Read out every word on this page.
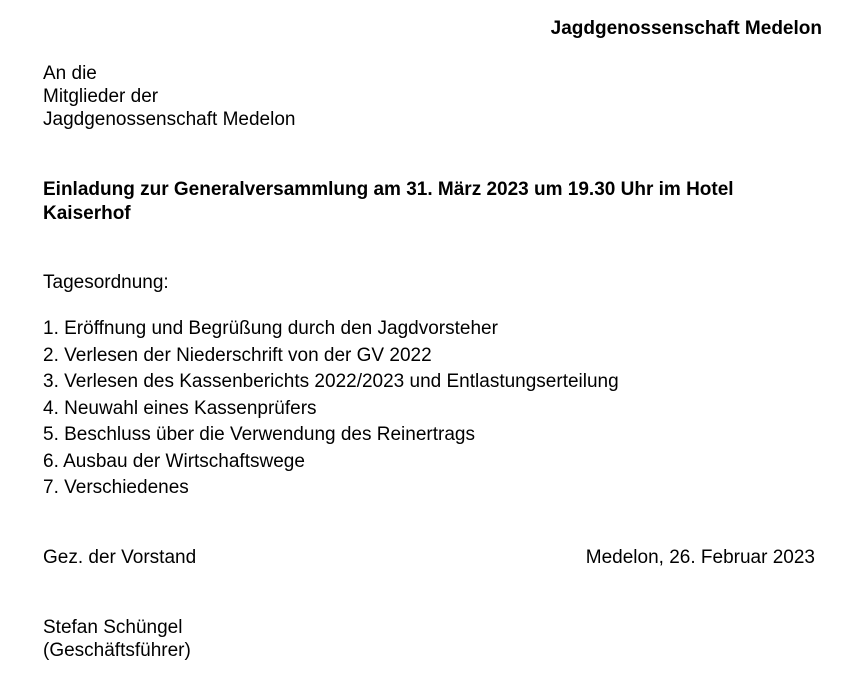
Jagdgenossenschaft Medelon
An die
Mitglieder der
Jagdgenossenschaft Medelon
Einladung zur Generalversammlung am 31. März 2023 um 19.30 Uhr im Hotel Kaiserhof
Tagesordnung:
1. Eröffnung und Begrüßung durch den Jagdvorsteher
2. Verlesen der Niederschrift von der GV 2022
3. Verlesen des Kassenberichts 2022/2023 und Entlastungserteilung
4. Neuwahl eines Kassenprüfers
5. Beschluss über die Verwendung des Reinertrags
6. Ausbau der Wirtschaftswege
7. Verschiedenes
Gez. der Vorstand	Medelon, 26. Februar 2023
Stefan Schüngel
(Geschäftsführer)
